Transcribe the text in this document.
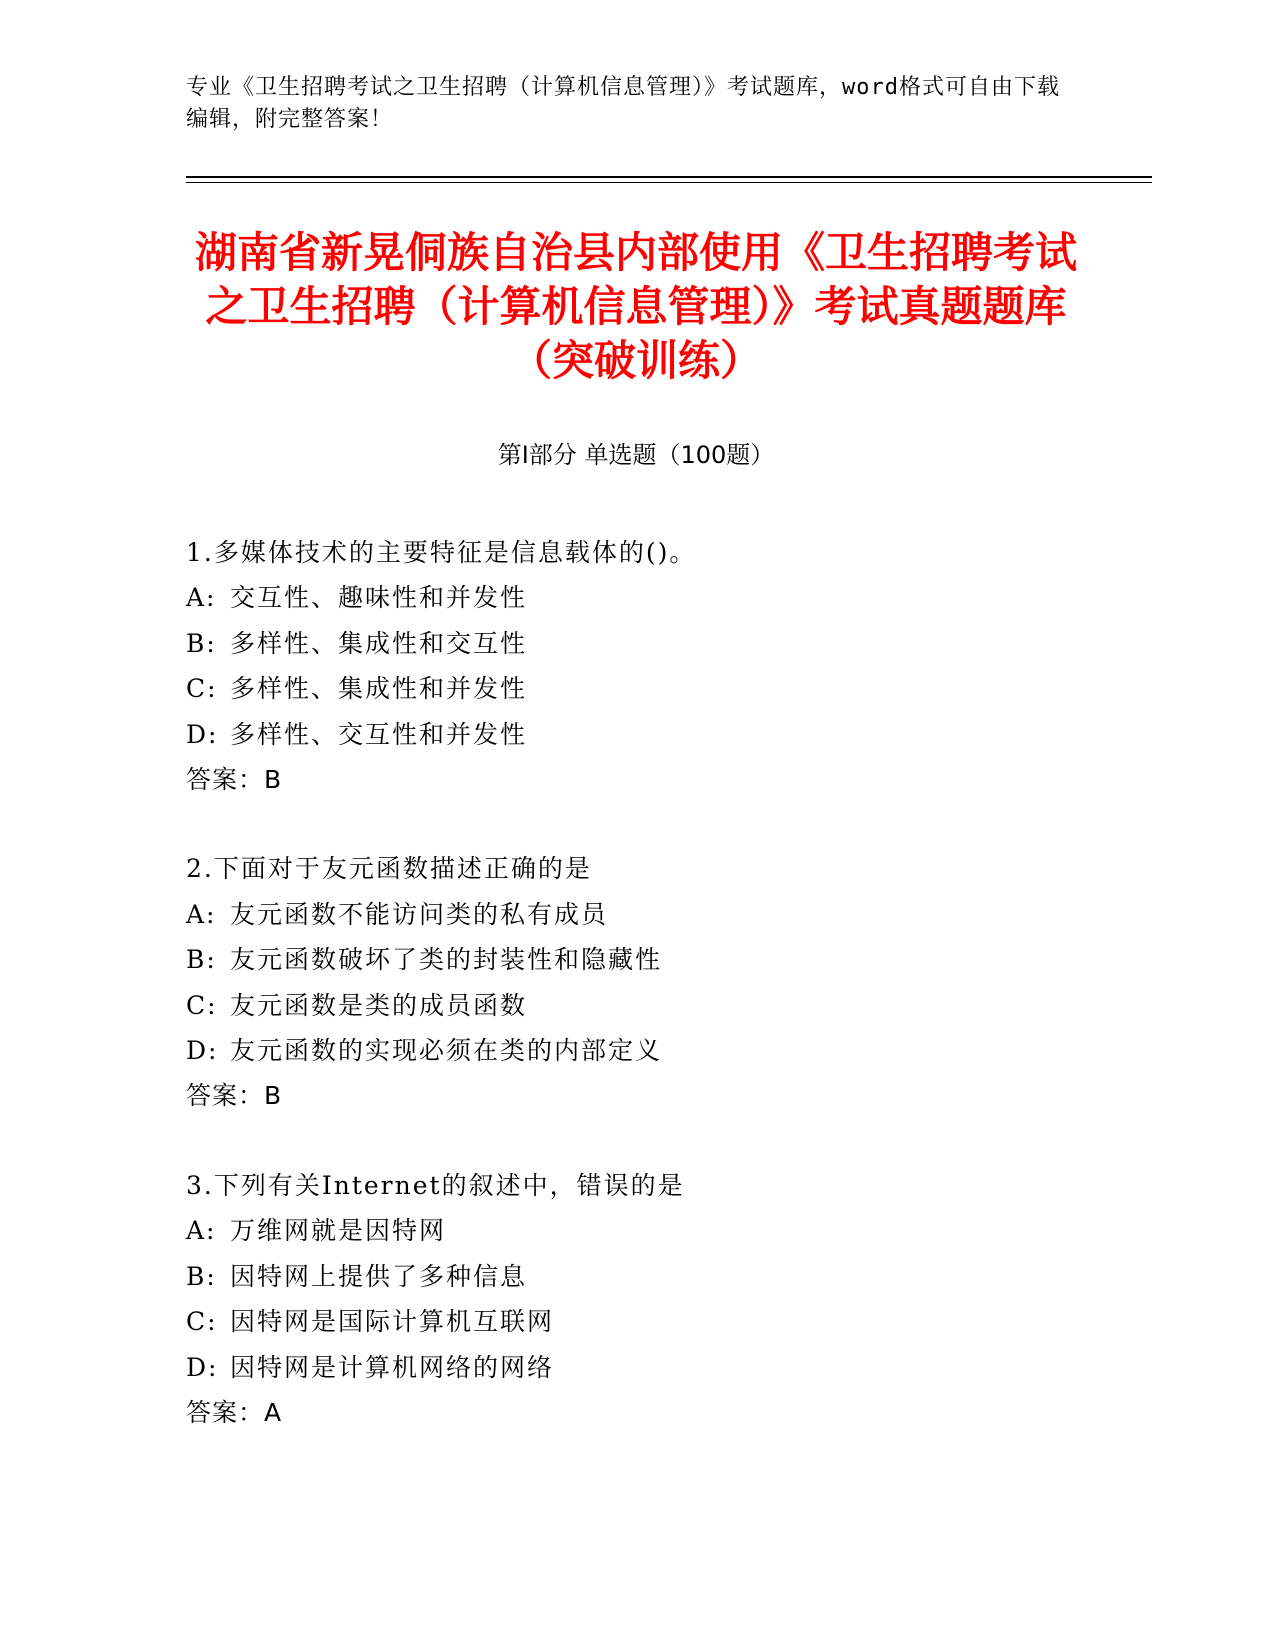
专业《卫生招聘考试之卫生招聘（计算机信息管理）》考试题库，word格式可自由下载编辑，附完整答案！
湖南省新晃侗族自治县内部使用《卫生招聘考试之卫生招聘（计算机信息管理）》考试真题题库（突破训练）
第Ⅰ部分 单选题（100题）
1.多媒体技术的主要特征是信息载体的()。
A: 交互性、趣味性和并发性
B: 多样性、集成性和交互性
C: 多样性、集成性和并发性
D: 多样性、交互性和并发性
答案：B
2.下面对于友元函数描述正确的是
A: 友元函数不能访问类的私有成员
B: 友元函数破坏了类的封装性和隐藏性
C: 友元函数是类的成员函数
D: 友元函数的实现必须在类的内部定义
答案：B
3.下列有关Internet的叙述中，错误的是
A: 万维网就是因特网
B: 因特网上提供了多种信息
C: 因特网是国际计算机互联网
D: 因特网是计算机网络的网络
答案：A
